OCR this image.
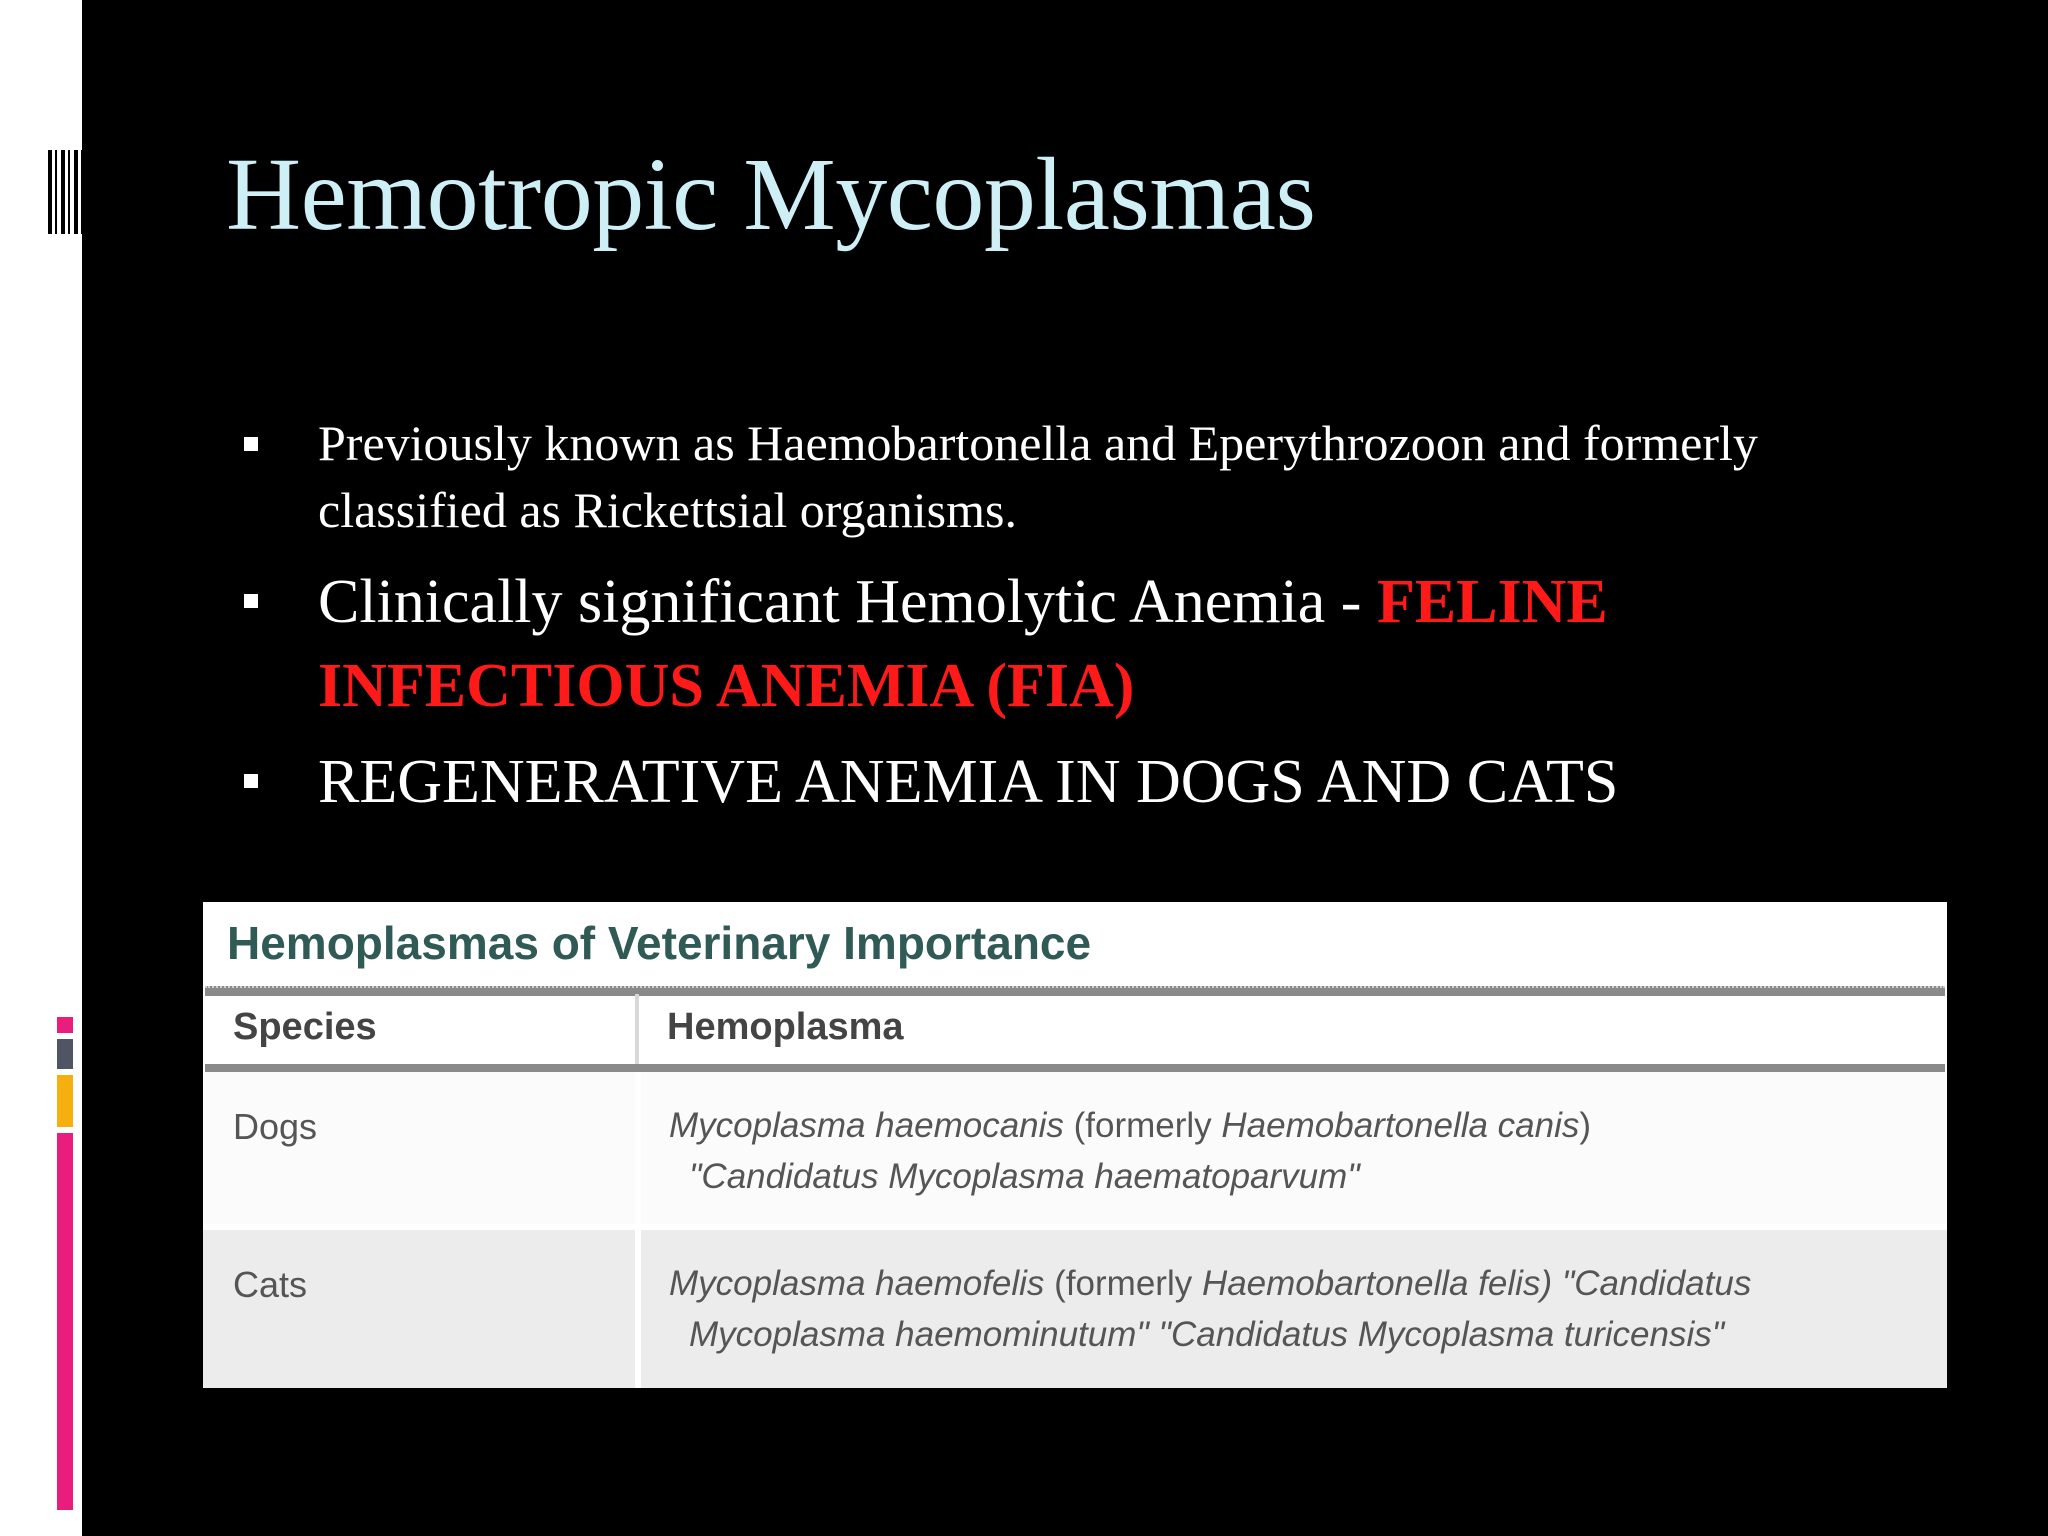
Hemotropic Mycoplasmas
Previously known as Haemobartonella and Eperythrozoon and formerly classified as Rickettsial organisms.
Clinically significant Hemolytic Anemia - FELINE INFECTIOUS ANEMIA (FIA)
REGENERATIVE ANEMIA IN DOGS AND CATS
Hemoplasmas of Veterinary Importance
Species	Hemoplasma
Dogs	Mycoplasma haemocanis (formerly Haemobartonella canis)
"Candidatus Mycoplasma haematoparvum"
Cats	Mycoplasma haemofelis (formerly Haemobartonella felis) "Candidatus
Mycoplasma haemominutum" "Candidatus Mycoplasma turicensis"
